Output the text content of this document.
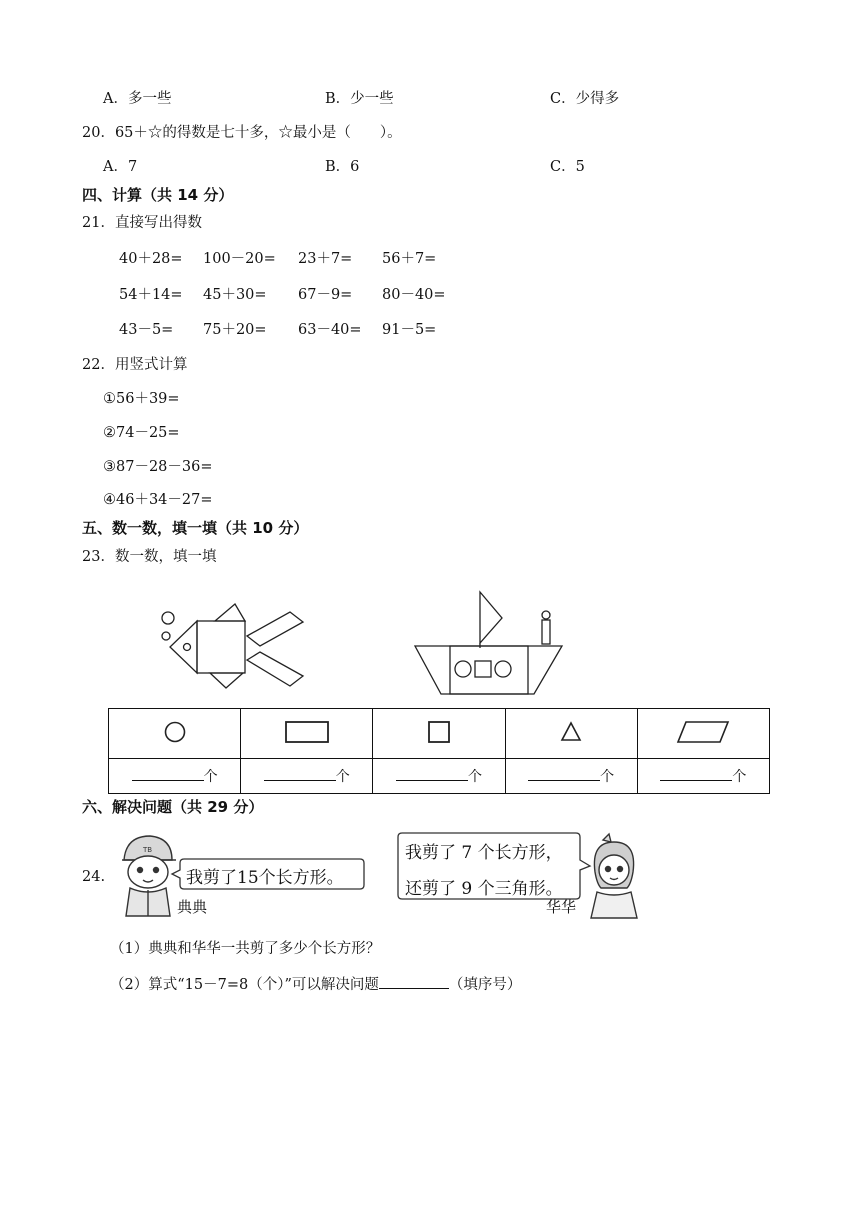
A．多一些	B．少一些	C．少得多
20．65＋☆的得数是七十多，☆最小是（　　）。
A．7	B．6	C．5
四、计算（共 14 分）
21．直接写出得数
40＋28= 100－20= 23＋7= 56＋7=
54＋14= 45＋30= 67－9= 80－40=
43－5= 75＋20= 63－40= 91－5=
22．用竖式计算
①56＋39=
②74－25=
③87－28－36=
④46＋34－27=
五、数一数，填一填（共 10 分）
23．数一数，填一填

个	个	个	个	个
六、解决问题（共 29 分）
24.
TB
典典
我剪了15个长方形。
我剪了 7 个长方形，
还剪了 9 个三角形。
华华
（1）典典和华华一共剪了多少个长方形？
（2）算式“15－7=8（个）”可以解决问题	（填序号）
